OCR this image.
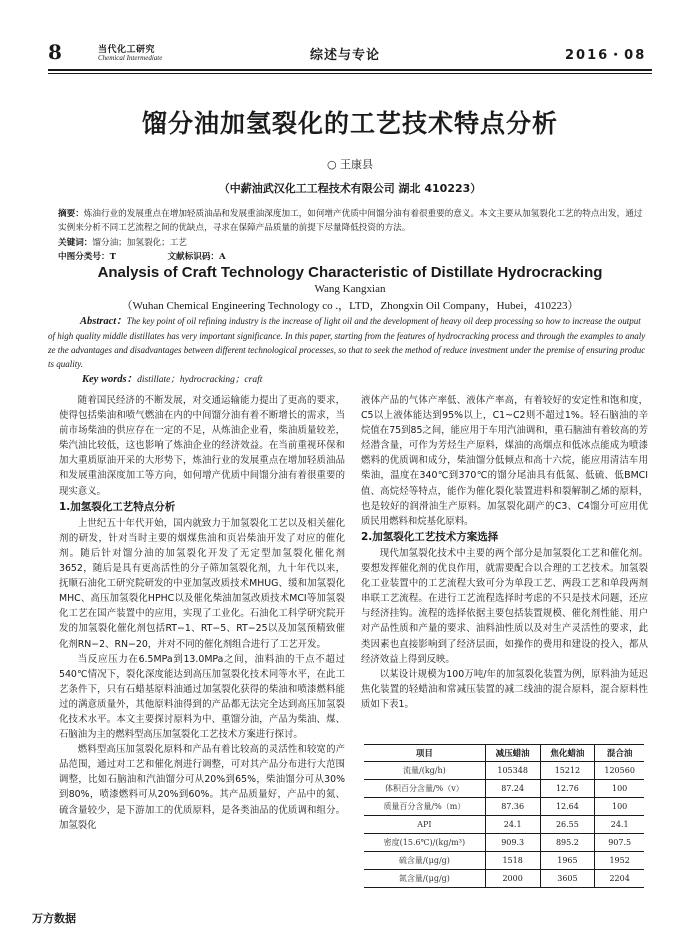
8	当代化工研究
Chemical Intermediate	综述与专论	2016・08
馏分油加氢裂化的工艺技术特点分析
○ 王康县
（中薪油武汉化工工程技术有限公司 湖北 410223）
摘要：炼油行业的发展重点在增加轻质油品和发展重油深度加工，如何增产优质中间馏分油有着很重要的意义。本文主要从加氢裂化工艺的特点出发，通过实例来分析不同工艺流程之间的优缺点，寻求在保障产品质量的前提下尽量降低投资的方法。
关键词：馏分油；加氢裂化；工艺
中图分类号：T	文献标识码：A
Analysis of Craft Technology Characteristic of Distillate Hydrocracking
Wang Kangxian
（Wuhan Chemical Engineering Technology co .，LTD，Zhongxin Oil Company，Hubei，410223）
Abstract：The key point of oil refining industry is the increase of light oil and the development of heavy oil deep processing so how to increase the output of high quality middle distillates has very important significance. In this paper, starting from the features of hydrocracking process and through the examples to analyze the advantages and disadvantages between different technological processes, so that to seek the method of reduce investment under the premise of ensuring products quality.
Key words：distillate；hydrocracking；craft

随着国民经济的不断发展，对交通运输能力提出了更高的要求，使得包括柴油和喷气燃油在内的中间馏分油有着不断增长的需求，当前市场柴油的供应存在一定的不足，从炼油企业看，柴油质量较差，柴汽油比较低，这也影响了炼油企业的经济效益。在当前重视环保和加大重质原油开采的大形势下，炼油行业的发展重点在增加轻质油品和发展重油深度加工等方向，如何增产优质中间馏分油有着很重要的现实意义。

1.加氢裂化工艺特点分析

上世纪五十年代开始，国内就致力于加氢裂化工艺以及相关催化剂的研发，针对当时主要的烟煤焦油和页岩柴油开发了对应的催化剂。随后针对馏分油的加氢裂化开发了无定型加氢裂化催化剂3652，随后是具有更高活性的分子筛加氢裂化剂，九十年代以来，抚顺石油化工研究院研发的中亚加氢改质技术MHUG、缓和加氢裂化MHC、高压加氢裂化HPHC以及催化柴油加氢改质技术MCI等加氢裂化工艺在国产装置中的应用，实现了工业化。石油化工科学研究院开发的加氢裂化催化剂包括RT−1、RT−5、RT−25以及加氢预精致催化剂RN−2、RN−20，并对不同的催化剂组合进行了工艺开发。

当反应压力在6.5MPa到13.0MPa之间，油料油的干点不超过540℃情况下，裂化深度能达到高压加氢裂化技术同等水平，在此工艺条件下，只有石蜡基原料油通过加氢裂化获得的柴油和喷漆燃料能过的满意质量外，其他原料油得到的产品都无法完全达到高压加氢裂化技术水平。本文主要探讨原料为中、重馏分油，产品为柴油、煤、石脑油为主的燃料型高压加氢裂化工艺技术方案进行探讨。

燃料型高压加氢裂化原料和产品有着比较高的灵活性和较宽的产品范围，通过对工艺和催化剂进行调整，可对其产品分布进行大范围调整，比如石脑油和汽油馏分可从20%到65%，柴油馏分可从30%到80%，喷漆燃料可从20%到60%。其产品质量好，产品中的氮、硫含量较少，是下游加工的优质原料，是各类油品的优质调和组分。加氢裂化

液体产品的气体产率低、液体产率高，有着较好的安定性和饱和度，C5以上液体能达到95%以上，C1~C2则不超过1%。轻石脑油的辛烷值在75到85之间，能应用于车用汽油调和，重石脑油有着较高的芳烃潜含量，可作为芳烃生产原料，煤油的高烟点和低冰点能成为喷漆燃料的优质调和成分，柴油馏分低倾点和高十六烷，能应用清洁车用柴油，温度在340℃到370℃的馏分尾油具有低氮、低硫、低BMCI值、高烷烃等特点，能作为催化裂化装置进料和裂解制乙烯的原料，也是较好的润滑油生产原料。加氢裂化副产的C3、C4馏分可应用优质民用燃料和烷基化原料。

2.加氢裂化工艺技术方案选择

现代加氢裂化技术中主要的两个部分是加氢裂化工艺和催化剂。要想发挥催化剂的优良作用，就需要配合以合理的工艺技术。加氢裂化工业装置中的工艺流程大致可分为单段工艺、两段工艺和单段两剂串联工艺流程。在进行工艺流程选择时考虑的不只是技术问题，还应与经济挂钩。流程的选择依据主要包括装置规模、催化剂性能、用户对产品性质和产量的要求、油料油性质以及对生产灵活性的要求，此类因素也直接影响到了经济层面，如操作的费用和建设的投入，都从经济效益上得到反映。

以某设计规模为100万吨/年的加氢裂化装置为例，原料油为延迟焦化装置的轻蜡油和常减压装置的减二线油的混合原料，混合原料性质如下表1。

项目	减压蜡油	焦化蜡油	混合油
流量/(kg/h)	105348	15212	120560
体积百分含量/%（v）	87.24	12.76	100
质量百分含量/%（m）	87.36	12.64	100
API	24.1	26.55	24.1
密度(15.6℃)/(kg/m³)	909.3	895.2	907.5
硫含量/(μg/g)	1518	1965	1952
氮含量/(μg/g)	2000	3605	2204
万方数据
